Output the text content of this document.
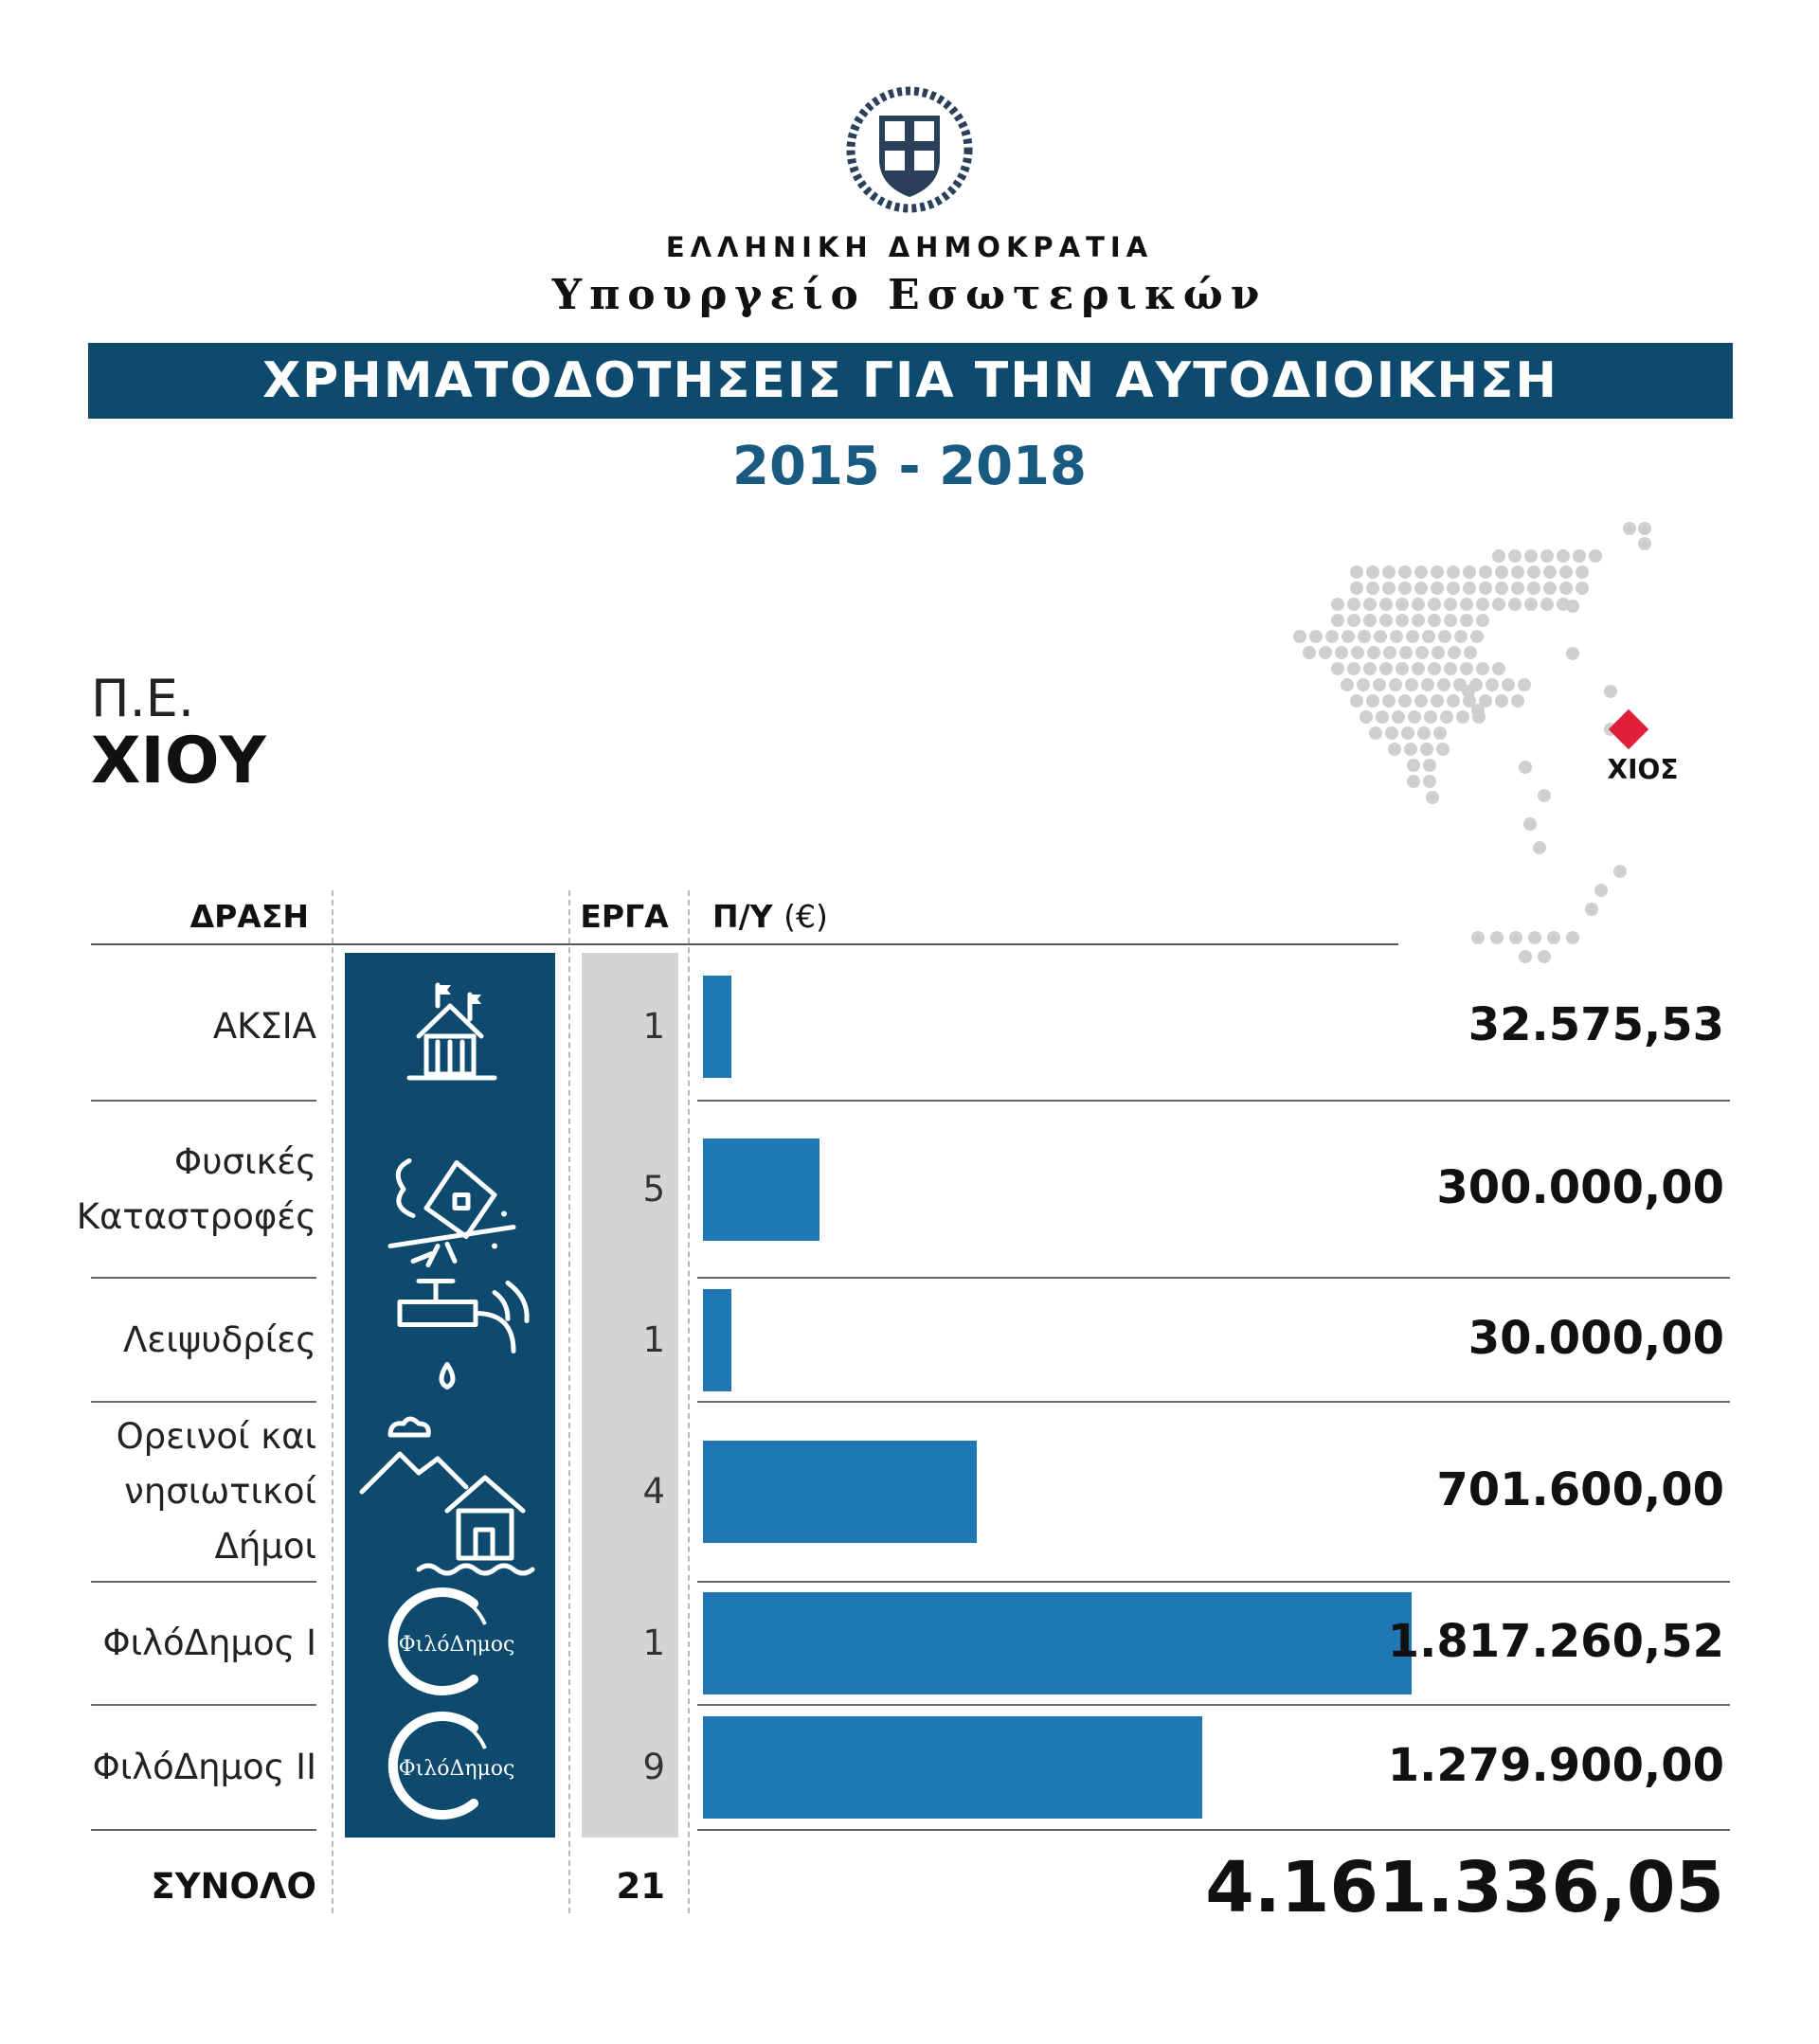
ΕΛΛΗΝΙΚΗ ΔΗΜΟΚΡΑΤΙΑ
Υπουργείο Εσωτερικών
ΧΡΗΜΑΤΟΔΟΤΗΣΕΙΣ ΓΙΑ ΤΗΝ ΑΥΤΟΔΙΟΙΚΗΣΗ
2015 - 2018
Π.Ε.
ΧΙΟΥ	ΧΙΟΣ
ΔΡΑΣΗ	ΕΡΓΑ Π/Υ (€)
ΑΚΣΙΑ	1	32.575,53
Φυσικές
Καταστροφές
5	300.000,00
Λειψυδρίες	1	30.000,00
Ορεινοί και
νησιωτικοί
Δήμοι
4	701.600,00
ΦιλόΔημος Ι	ΦιλόΔημος	1	1.817.260,52
ΦιλόΔημος ΙΙ	ΦιλόΔημος	9	1.279.900,00
ΣΥΝΟΛΟ	21	4.161.336,05
